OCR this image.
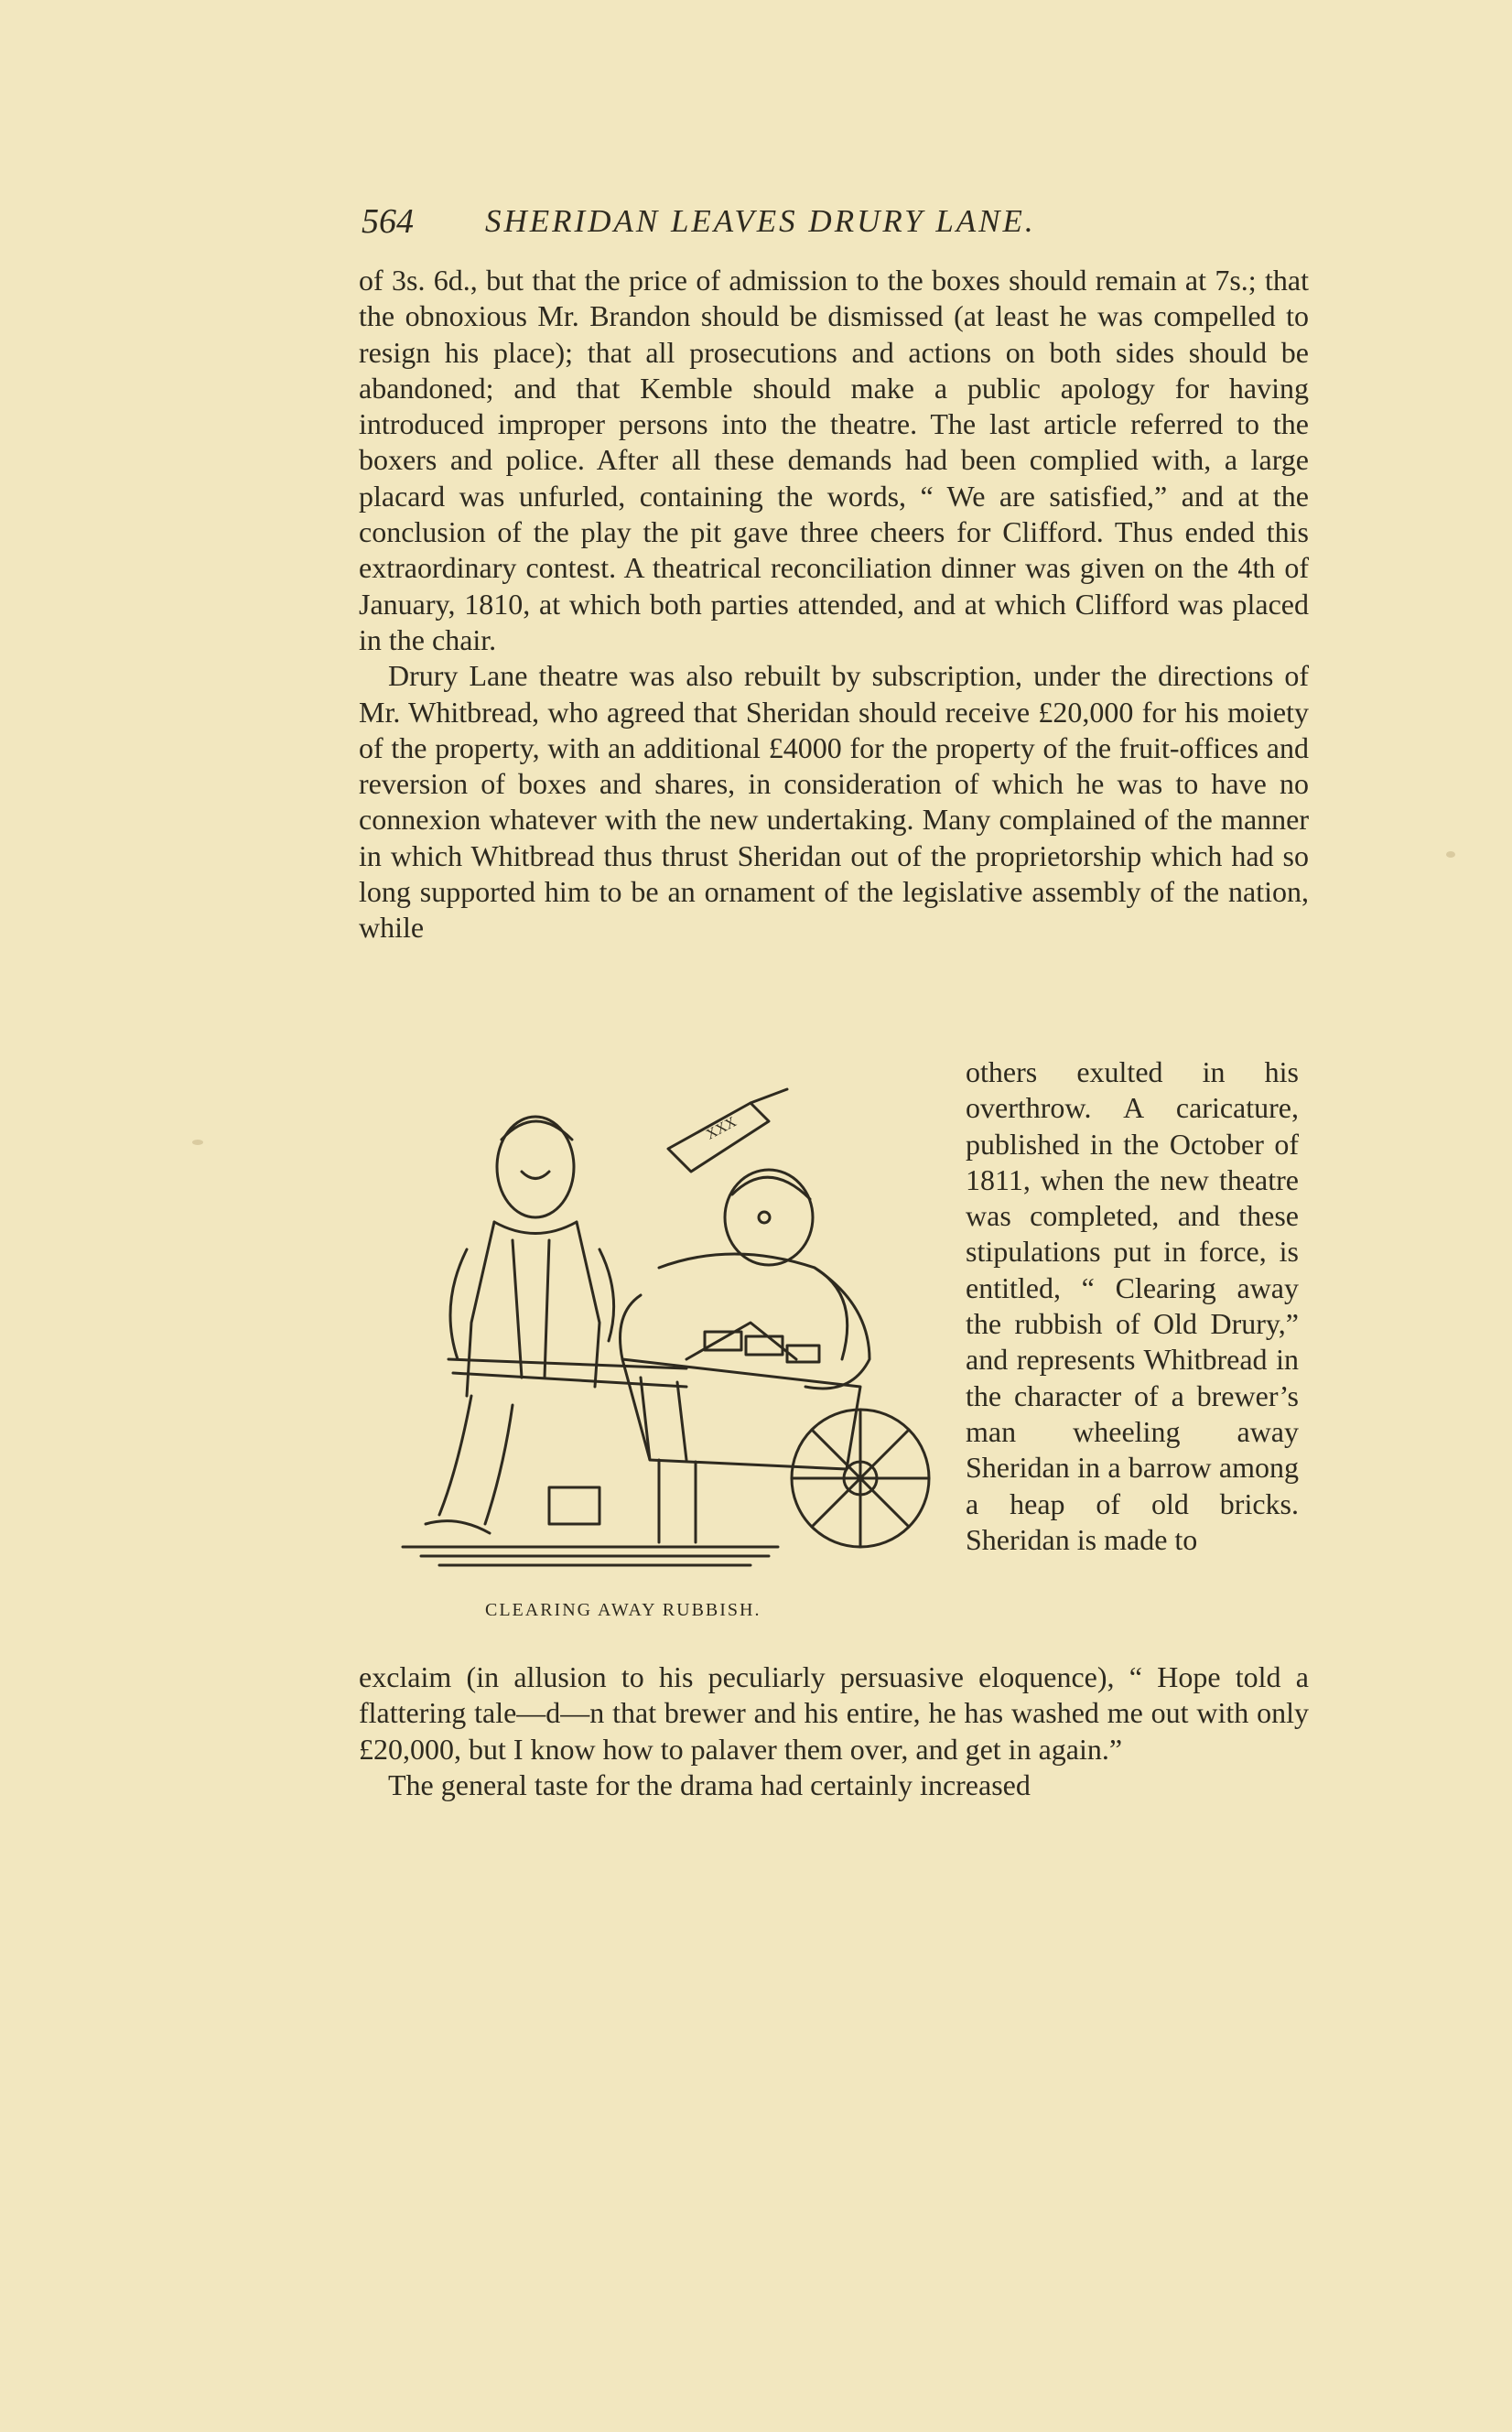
564 SHERIDAN LEAVES DRURY LANE.

of 3s. 6d., but that the price of admission to the boxes should remain at 7s.; that the obnoxious Mr. Brandon should be dismissed (at least he was compelled to resign his place); that all prosecutions and actions on both sides should be abandoned; and that Kemble should make a public apology for having introduced improper persons into the theatre. The last article referred to the boxers and police. After all these demands had been complied with, a large placard was unfurled, containing the words, “ We are satisfied,” and at the conclusion of the play the pit gave three cheers for Clifford. Thus ended this extraordinary contest. A theatrical reconciliation dinner was given on the 4th of January, 1810, at which both parties attended, and at which Clifford was placed in the chair.

Drury Lane theatre was also rebuilt by subscription, under the directions of Mr. Whitbread, who agreed that Sheridan should receive £20,000 for his moiety of the property, with an additional £4000 for the property of the fruit-offices and reversion of boxes and shares, in consideration of which he was to have no connexion whatever with the new undertaking. Many complained of the manner in which Whitbread thus thrust Sheridan out of the proprietorship which had so long supported him to be an ornament of the legislative assembly of the nation, while

XXX
CLEARING AWAY RUBBISH.
others exulted in his overthrow. A caricature, published in the October of 1811, when the new theatre was completed, and these stipulations put in force, is entitled, “ Clearing away the rubbish of Old Drury,” and represents Whitbread in the character of a brewer’s man wheeling away Sheridan in a barrow among a heap of old bricks. Sheridan is made to

exclaim (in allusion to his peculiarly persuasive eloquence), “ Hope told a flattering tale—d—n that brewer and his entire, he has washed me out with only £20,000, but I know how to palaver them over, and get in again.”

The general taste for the drama had certainly increased
